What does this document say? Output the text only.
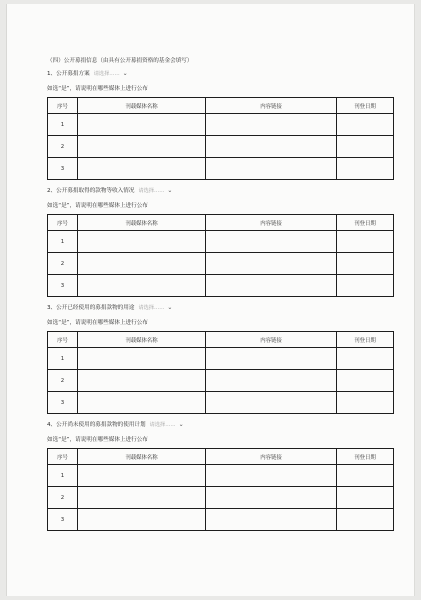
（四）公开募捐信息（由具有公开募捐资格的基金会填写）
1、公开募捐方案 请选择…… ⌄
如选“是”，请说明在哪些媒体上进行公布
序号	刊载媒体名称	内容链接	刊登日期
1			
2			
3			
2、公开募捐取得的款物等收入情况 请选择…… ⌄
如选“是”，请说明在哪些媒体上进行公布
序号	刊载媒体名称	内容链接	刊登日期
1			
2			
3			
3、公开已经使用的募捐款物的用途 请选择…… ⌄
如选“是”，请说明在哪些媒体上进行公布
序号	刊载媒体名称	内容链接	刊登日期
1			
2			
3			
4、公开尚未使用的募捐款物的使用计划 请选择…… ⌄
如选“是”，请说明在哪些媒体上进行公布
序号	刊载媒体名称	内容链接	刊登日期
1			
2			
3			
